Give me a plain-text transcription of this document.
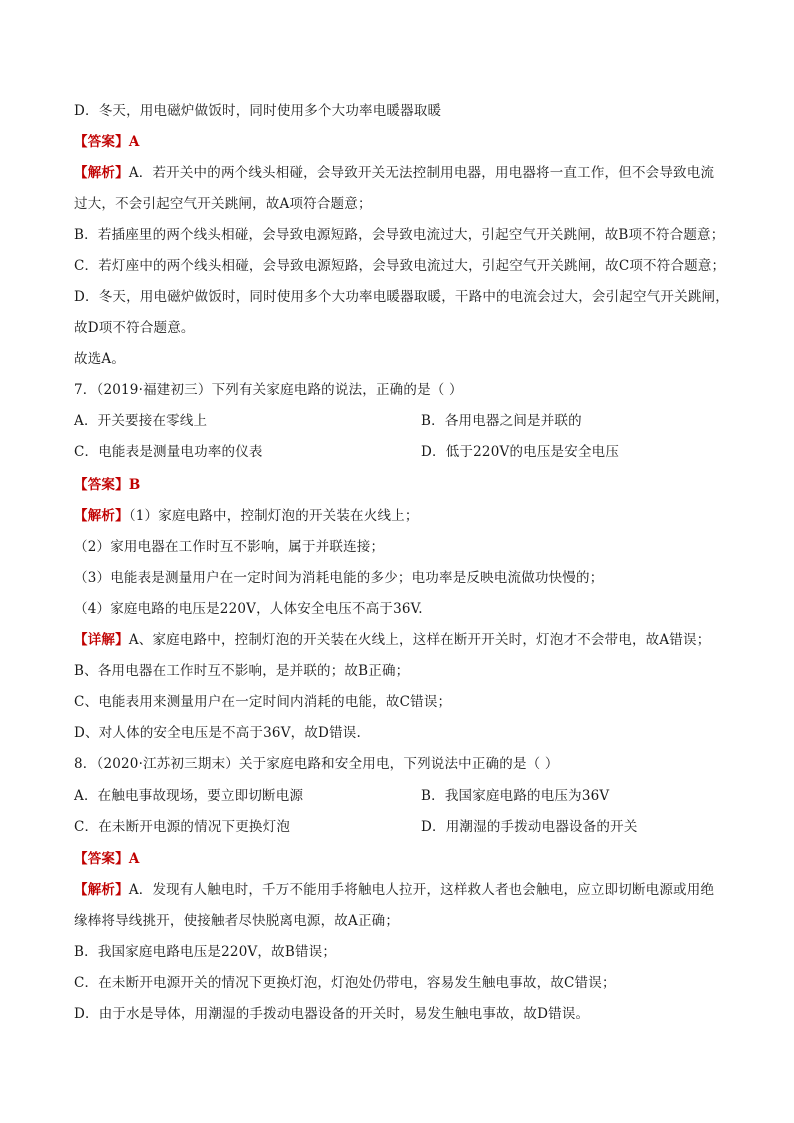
D．冬天，用电磁炉做饭时，同时使用多个大功率电暖器取暖
【答案】A
【解析】A．若开关中的两个线头相碰，会导致开关无法控制用电器，用电器将一直工作，但不会导致电流
过大，不会引起空气开关跳闸，故A项符合题意；
B．若插座里的两个线头相碰，会导致电源短路，会导致电流过大，引起空气开关跳闸，故B项不符合题意；
C．若灯座中的两个线头相碰，会导致电源短路，会导致电流过大，引起空气开关跳闸，故C项不符合题意；
D．冬天，用电磁炉做饭时，同时使用多个大功率电暖器取暖，干路中的电流会过大，会引起空气开关跳闸，
故D项不符合题意。
故选A。
7．（2019·福建初三）下列有关家庭电路的说法，正确的是（ ）
A．开关要接在零线上	B．各用电器之间是并联的
C．电能表是测量电功率的仪表	D．低于220V的电压是安全电压
【答案】B
【解析】（1）家庭电路中，控制灯泡的开关装在火线上；
（2）家用电器在工作时互不影响，属于并联连接；
（3）电能表是测量用户在一定时间为消耗电能的多少；电功率是反映电流做功快慢的；
（4）家庭电路的电压是220V，人体安全电压不高于36V.
【详解】A、家庭电路中，控制灯泡的开关装在火线上，这样在断开开关时，灯泡才不会带电，故A错误；
B、各用电器在工作时互不影响，是并联的；故B正确；
C、电能表用来测量用户在一定时间内消耗的电能，故C错误；
D、对人体的安全电压是不高于36V，故D错误.
8．（2020·江苏初三期末）关于家庭电路和安全用电，下列说法中正确的是（ ）
A．在触电事故现场，要立即切断电源	B．我国家庭电路的电压为36V
C．在未断开电源的情况下更换灯泡	D．用潮湿的手拨动电器设备的开关
【答案】A
【解析】A．发现有人触电时，千万不能用手将触电人拉开，这样救人者也会触电，应立即切断电源或用绝
缘棒将导线挑开，使接触者尽快脱离电源，故A正确；
B．我国家庭电路电压是220V，故B错误；
C．在未断开电源开关的情况下更换灯泡，灯泡处仍带电，容易发生触电事故，故C错误；
D．由于水是导体，用潮湿的手拨动电器设备的开关时，易发生触电事故，故D错误。
